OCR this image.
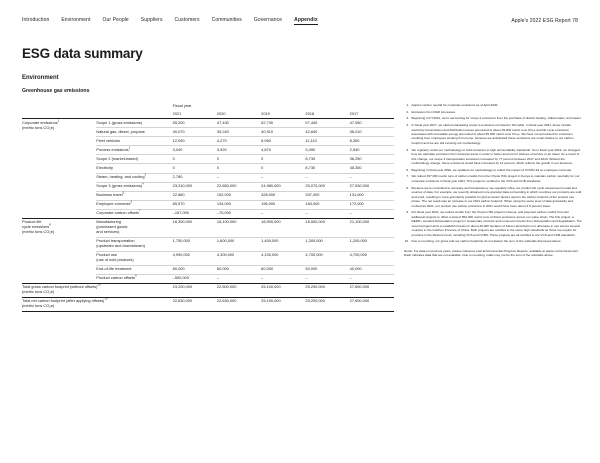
Introduction Environment Our People Suppliers Customers Communities Governance Appendix	Apple's 2022 ESG Report 78
ESG data summary
Environment
Greenhouse gas emissions
		Fiscal year				
		2021	2020	2019	2018	2017
Corporate emissions$^1$
(metric tons CO₂e)	Scope 1 (gross emissions)	55,200	47,430	52,730	57,440	47,050
	Natural gas, diesel, propane	40,070	39,240	40,910	42,640	36,210
	Fleet vehicles	12,090	4,270	6,960	11,110	8,300
	Process emissions$^2$	3,040	3,920	4,870	3,490	2,540
	Scope 2 (market-based)	0	0	0	8,730	38,250
	Electricity	0	0	0	8,730	35,350
	Steam, heating, and cooling$^3$	2,780	–	–	–	–
	Scope 3 (gross emissions)$^4$	23,310,000	22,650,000	24,980,000	25,070,000	27,530,000
	Business travel$^5$	22,860	152,000	328,000	337,000	131,000
	Employee commute$^6$	85,570	134,000	196,000	183,000	172,000
	Corporate carbon offsets$^7$	–157,090	–70,000	–	–	–
Product life
cycle emissions$^8$
(metric tons CO₂e)	Manufacturing
(purchased goods
and services)	16,300,000	16,100,000	18,900,000	18,500,000	21,100,000
	Product transportation
(upstream and downstream)	1,750,000	1,600,000	1,400,000	1,300,000	1,200,000
	Product use
(use of sold products)	4,990,000	4,300,000	4,100,000	4,700,000	4,700,000
	End-of-life treatment	80,000	60,000	60,000	50,000	40,000
	Product carbon offsets$^9$	–500,000	–	–	–	–
Total gross carbon footprint (without offsets)$^{10}$
(metric tons CO₂e)		23,200,000	22,600,000	25,100,000	25,200,000	27,600,000
Total net carbon footprint (after applying offsets)$^{10}$
(metric tons CO₂e)		22,630,000	22,630,000	25,100,000	25,200,000	27,600,000
1. Apple's carbon neutral for corporate emissions as of April 2020.
2. Emissions from R&D processes.
3. Beginning in FY2021, we're accounting for scope 2 emissions from the purchase of district heating, chilled water, and steam.
4. In fiscal year 2017, we started calculating scope 3 emissions not listed in this table. In fiscal year 2021, these include electricity transmission and distribution losses amounted to about 39,000 metric tons CO₂e and life cycle emissions associated with renewable energy amounted to about 95,000 metric tons CO₂e. We have not accounted for emissions resulting from employees working from home, because we anticipated these emissions are small relative to our carbon footprint and we are still evolving our methodology.
5. We regularly revisit our methodology to hold ourselves to high accountability standards. So in fiscal year 2019, we changed how we calculate emissions from business travel in order to better account for classes of service or air travel. As a result of this change, our scope 3 transportation emissions increased by 77 percent between 2017 and 2019. Without the methodology change, these emissions would have increased by 14 percent, which reflects the growth in our business.
6. Beginning in fiscal year 2020, we updated our methodology to reflect the impact of COVID-19 on employee commute.
7. We retired 157,000 metric tons of carbon credits from the Chyulu Hills project in Kenya to maintain carbon neutrality for our corporate emissions in fiscal year 2021. This project is verified to the VCS and CCB standards.
8. Because we're committed to accuracy and transparency, we regularly refine our product life cycle assessment model and sources of data. For example, we recently obtained more granular data surrounding in which countries our products are sold and used, resulting in more granularity possible for grid emission factors used in the carbon footprint of the product use phase. The net result was an increase in our 2021 carbon footprint. When using the same level of data granularity and method as 2021, our product use carbon emissions in 2021 would have been about 3.5 percent lower.
9. For fiscal year 2021, we retired credits from the Chyulu Hills project in Kenya, and payment carbon credits from two additional projects to offset a total of 500,000 metric tons of direct emissions across our value chain. The first project, a REDD+ avoided deforestation project in Guatemala, protects and conserves forests from deforestation and degradation. The second project aims to establish forests on about 46,000 hectares of barren land that is not otherwise in use across several counties in the Guizhou Province of China. Both projects are certified to the same high standards as those we require for products in the Restore Fund, including VCS and CCBS. These projects are all certified to the VCS and CCB standards.
10. Due to rounding, our gross and net carbon footprints do not always the sum of the subtotals discussed above.

Notes: For data on previous years, please reference past Environmental Progress Reports, available at apple.com/environment. Dash indicates data that are not available. Due to rounding, totals may not be the sum of the subtotals above.
